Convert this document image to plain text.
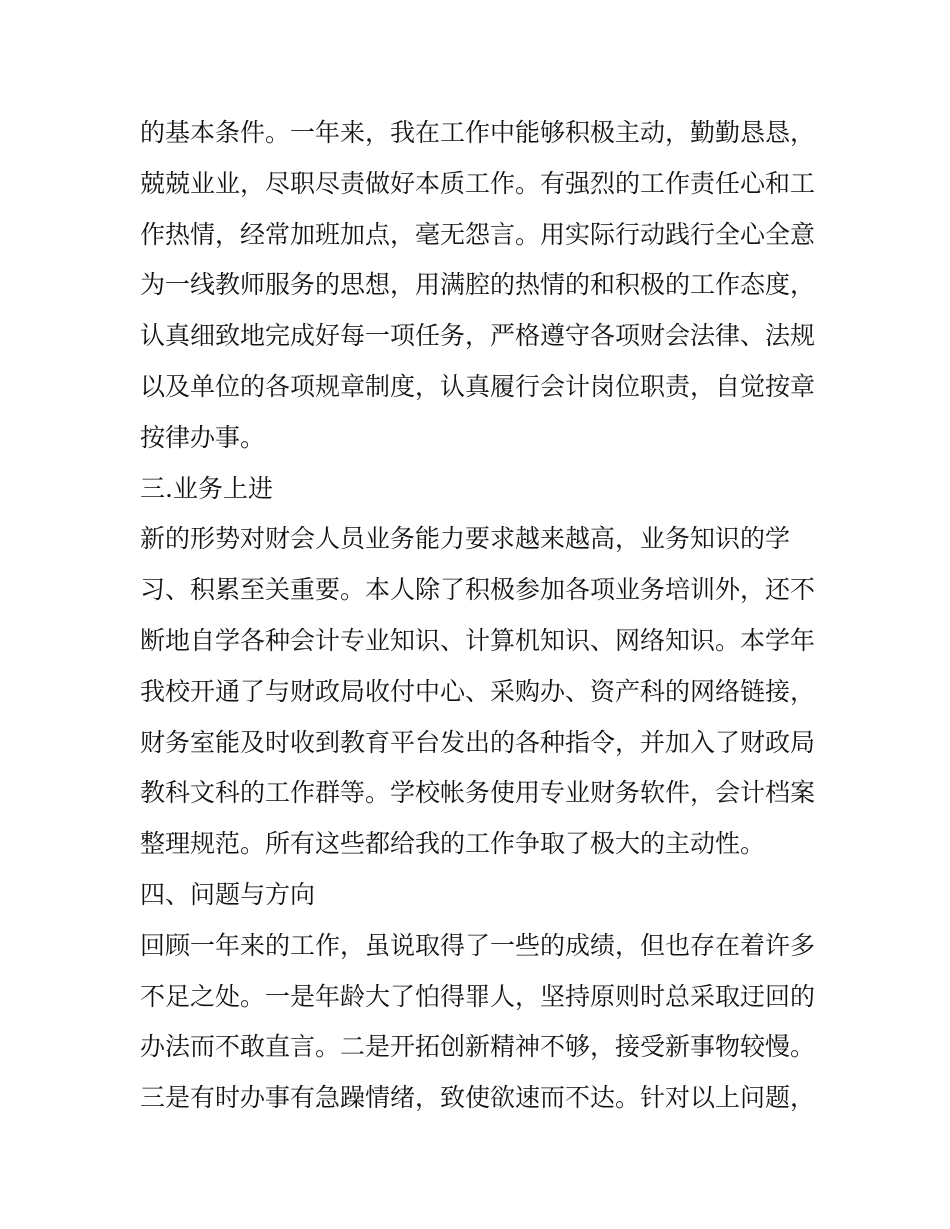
的基本条件。一年来，我在工作中能够积极主动，勤勤恳恳，
兢兢业业，尽职尽责做好本质工作。有强烈的工作责任心和工
作热情，经常加班加点，毫无怨言。用实际行动践行全心全意
为一线教师服务的思想，用满腔的热情的和积极的工作态度，
认真细致地完成好每一项任务，严格遵守各项财会法律、法规
以及单位的各项规章制度，认真履行会计岗位职责，自觉按章
按律办事。
三.业务上进
新的形势对财会人员业务能力要求越来越高，业务知识的学
习、积累至关重要。本人除了积极参加各项业务培训外，还不
断地自学各种会计专业知识、计算机知识、网络知识。本学年
我校开通了与财政局收付中心、采购办、资产科的网络链接，
财务室能及时收到教育平台发出的各种指令，并加入了财政局
教科文科的工作群等。学校帐务使用专业财务软件，会计档案
整理规范。所有这些都给我的工作争取了极大的主动性。
四、问题与方向
回顾一年来的工作，虽说取得了一些的成绩，但也存在着许多
不足之处。一是年龄大了怕得罪人，坚持原则时总采取迂回的
办法而不敢直言。二是开拓创新精神不够，接受新事物较慢。
三是有时办事有急躁情绪，致使欲速而不达。针对以上问题，
